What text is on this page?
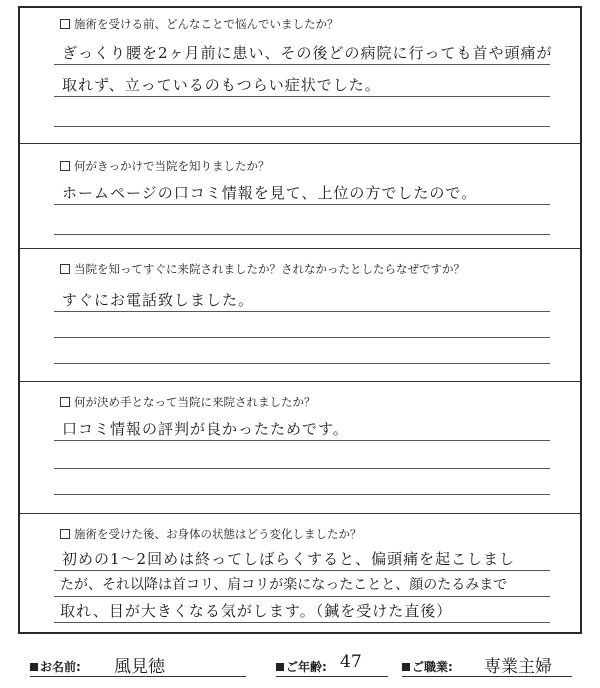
施術を受ける前、どんなことで悩んでいましたか？
ぎっくり腰を2ヶ月前に患い、その後どの病院に行っても首や頭痛が
取れず、立っているのもつらい症状でした。
何がきっかけで当院を知りましたか？
ホームページの口コミ情報を見て、上位の方でしたので。
当院を知ってすぐに来院されましたか？されなかったとしたらなぜですか？
すぐにお電話致しました。
何が決め手となって当院に来院されましたか？
口コミ情報の評判が良かったためです。
施術を受けた後、お身体の状態はどう変化しましたか？
初めの1～2回めは終ってしばらくすると、偏頭痛を起こしまし
たが、それ以降は首コリ、肩コリが楽になったことと、顔のたるみまで
取れ、目が大きくなる気がします。（鍼を受けた直後）
お名前: 風見徳	ご年齢: 47	ご職業: 専業主婦
